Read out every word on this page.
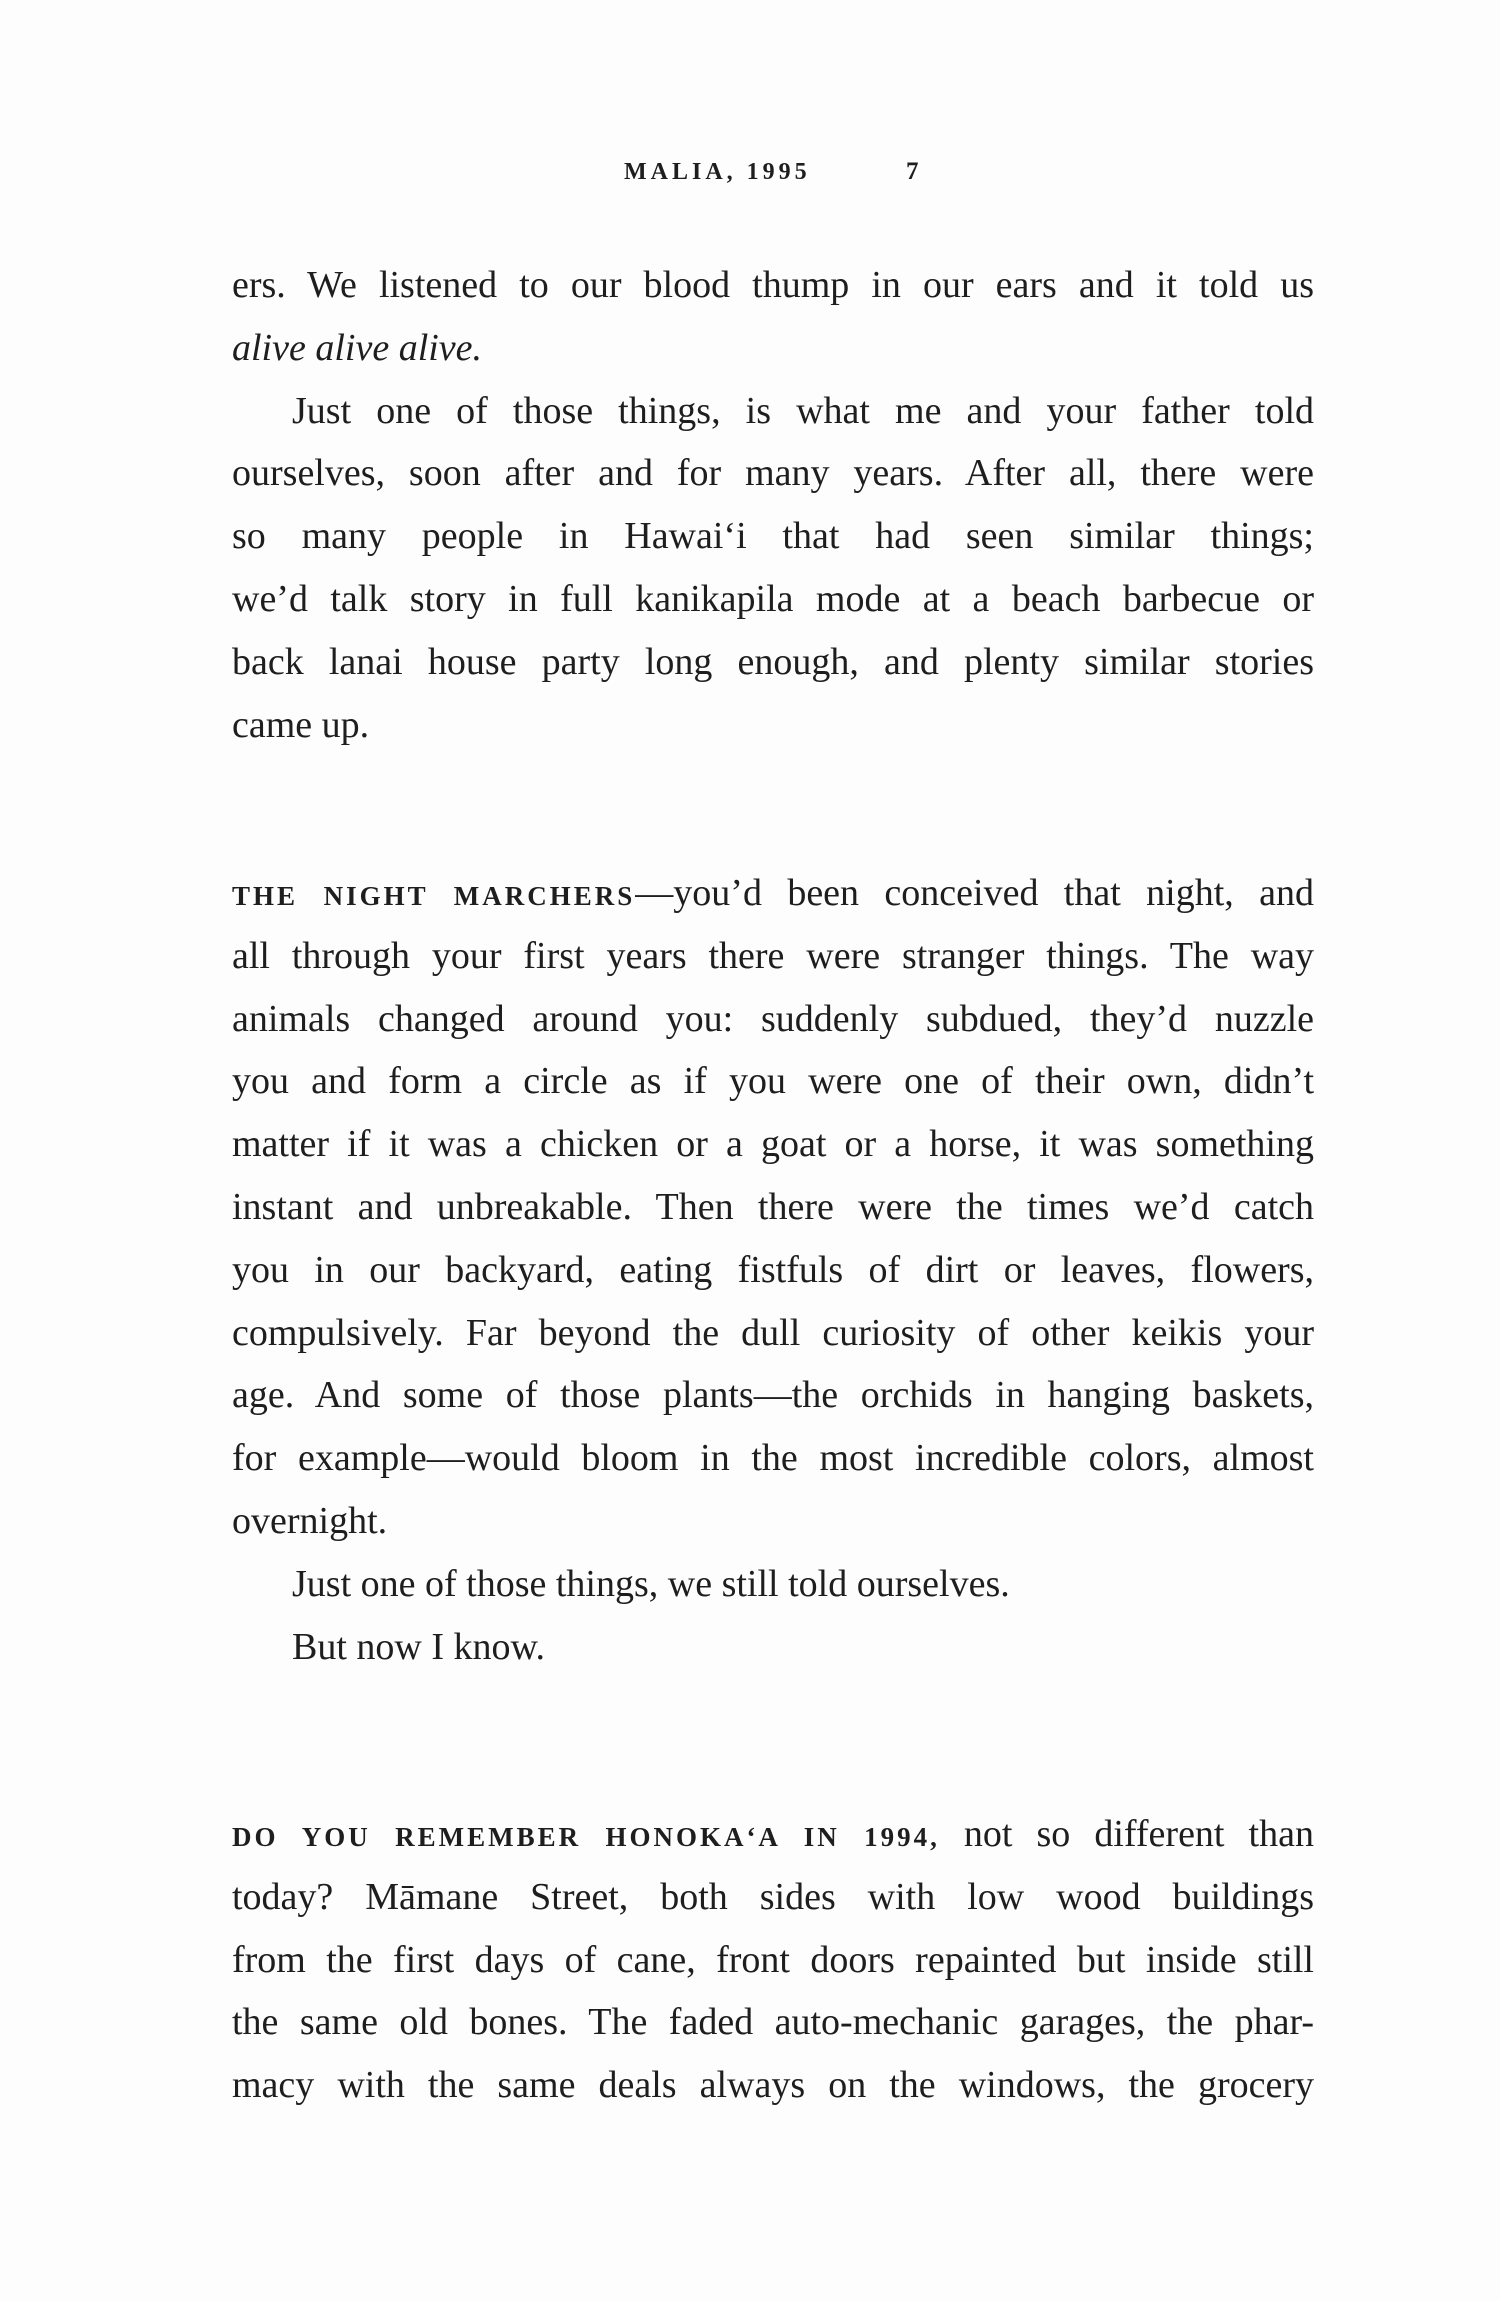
MALIA, 1995	7
ers. We listened to our blood thump in our ears and it told us
alive alive alive.
Just one of those things, is what me and your father told
ourselves, soon after and for many years. After all, there were
so many people in Hawaiʻi that had seen similar things;
we’d talk story in full kanikapila mode at a beach barbecue or
back lanai house party long enough, and plenty similar stories
came up.
THE NIGHT MARCHERS—you’d been conceived that night, and
all through your first years there were stranger things. The way
animals changed around you: suddenly subdued, they’d nuzzle
you and form a circle as if you were one of their own, didn’t
matter if it was a chicken or a goat or a horse, it was something
instant and unbreakable. Then there were the times we’d catch
you in our backyard, eating fistfuls of dirt or leaves, flowers,
compulsively. Far beyond the dull curiosity of other keikis your
age. And some of those plants—the orchids in hanging baskets,
for example—would bloom in the most incredible colors, almost
overnight.
Just one of those things, we still told ourselves.
But now I know.
DO YOU REMEMBER HONOKAʻA IN 1994, not so different than
today? Māmane Street, both sides with low wood buildings
from the first days of cane, front doors repainted but inside still
the same old bones. The faded auto-mechanic garages, the phar-
macy with the same deals always on the windows, the grocery
